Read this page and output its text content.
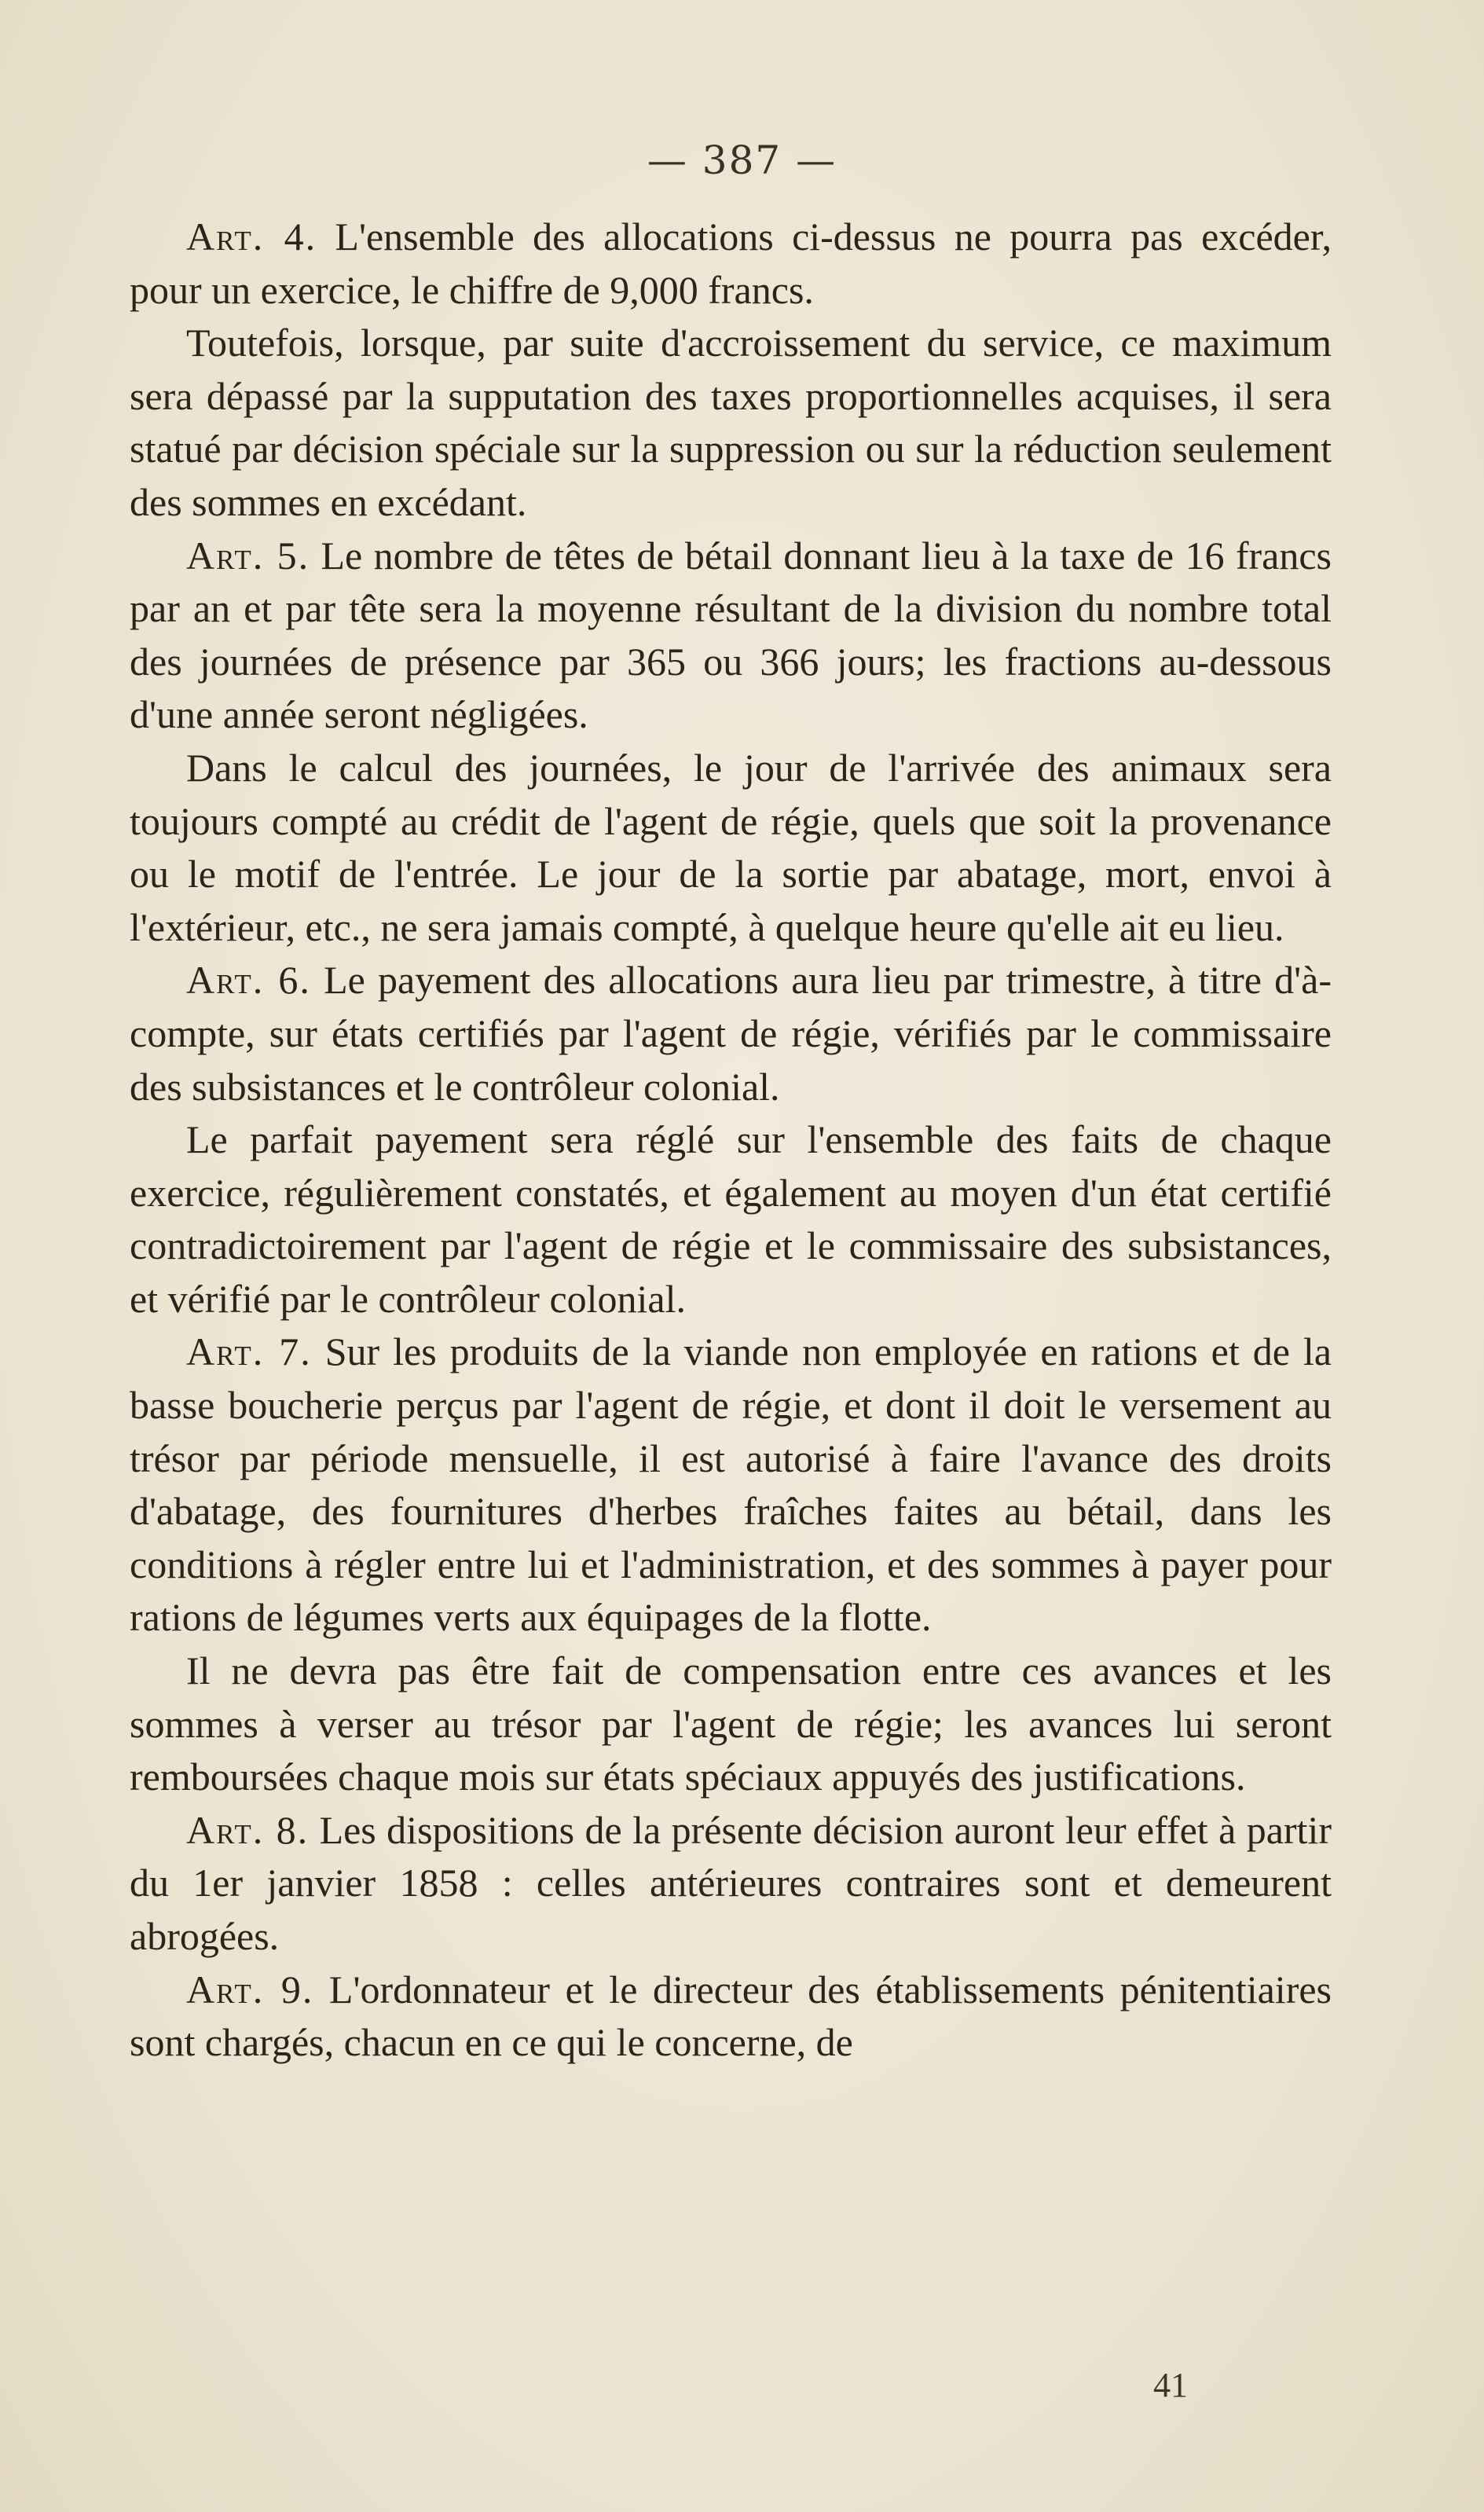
— 387 —

Art. 4. L'ensemble des allocations ci-dessus ne pourra pas excéder, pour un exercice, le chiffre de 9,000 francs.

Toutefois, lorsque, par suite d'accroissement du service, ce maximum sera dépassé par la supputation des taxes proportionnelles acquises, il sera statué par décision spéciale sur la suppression ou sur la réduction seulement des sommes en excédant.

Art. 5. Le nombre de têtes de bétail donnant lieu à la taxe de 16 francs par an et par tête sera la moyenne résultant de la division du nombre total des journées de présence par 365 ou 366 jours; les fractions au-dessous d'une année seront négligées.

Dans le calcul des journées, le jour de l'arrivée des animaux sera toujours compté au crédit de l'agent de régie, quels que soit la provenance ou le motif de l'entrée. Le jour de la sortie par abatage, mort, envoi à l'extérieur, etc., ne sera jamais compté, à quelque heure qu'elle ait eu lieu.

Art. 6. Le payement des allocations aura lieu par trimestre, à titre d'à-compte, sur états certifiés par l'agent de régie, vérifiés par le commissaire des subsistances et le contrôleur colonial.

Le parfait payement sera réglé sur l'ensemble des faits de chaque exercice, régulièrement constatés, et également au moyen d'un état certifié contradictoirement par l'agent de régie et le commissaire des subsistances, et vérifié par le contrôleur colonial.

Art. 7. Sur les produits de la viande non employée en rations et de la basse boucherie perçus par l'agent de régie, et dont il doit le versement au trésor par période mensuelle, il est autorisé à faire l'avance des droits d'abatage, des fournitures d'herbes fraîches faites au bétail, dans les conditions à régler entre lui et l'administration, et des sommes à payer pour rations de légumes verts aux équipages de la flotte.

Il ne devra pas être fait de compensation entre ces avances et les sommes à verser au trésor par l'agent de régie; les avances lui seront remboursées chaque mois sur états spéciaux appuyés des justifications.

Art. 8. Les dispositions de la présente décision auront leur effet à partir du 1er janvier 1858 : celles antérieures contraires sont et demeurent abrogées.

Art. 9. L'ordonnateur et le directeur des établissements pénitentiaires sont chargés, chacun en ce qui le concerne, de

41
